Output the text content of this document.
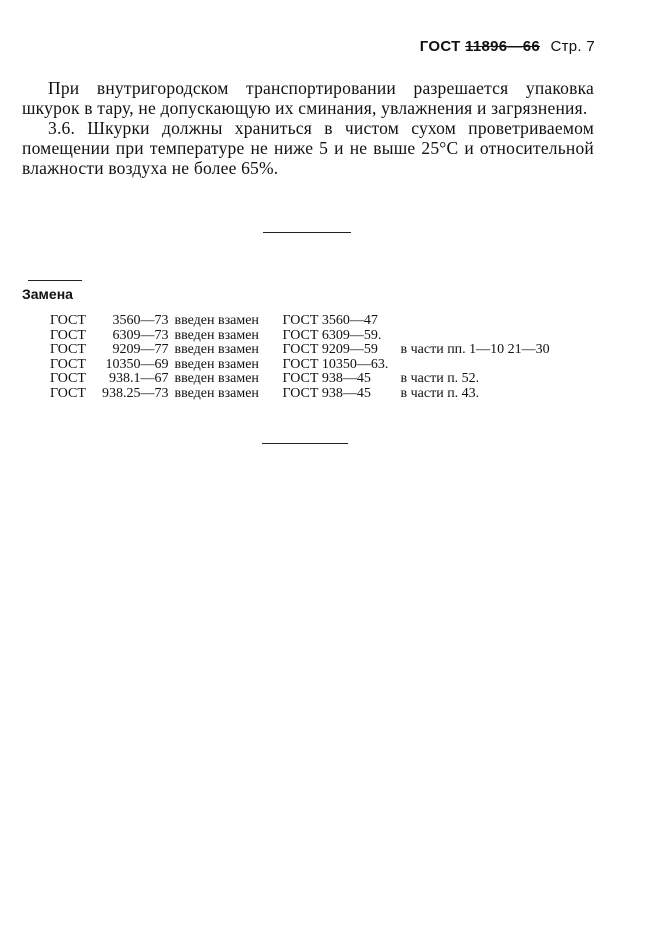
ГОСТ 11896—66 Стр. 7

При внутригородском транспортировании разрешается упаковка шкурок в тару, не допускающую их сминания, увлажнения и загрязнения.

3.6. Шкурки должны храниться в чистом сухом проветриваемом помещении при температуре не ниже 5 и не выше 25°С и относительной влажности воздуха не более 65%.

Замена
ГОСТ	3560—73	введен взамен	ГОСТ 3560—47	
ГОСТ	6309—73	введен взамен	ГОСТ 6309—59.	
ГОСТ	9209—77	введен взамен	ГОСТ 9209—59	в части пп. 1—10 21—30
ГОСТ	10350—69	введен взамен	ГОСТ 10350—63.	
ГОСТ	938.1—67	введен взамен	ГОСТ 938—45	в части п. 52.
ГОСТ	938.25—73	введен взамен	ГОСТ 938—45	в части п. 43.
